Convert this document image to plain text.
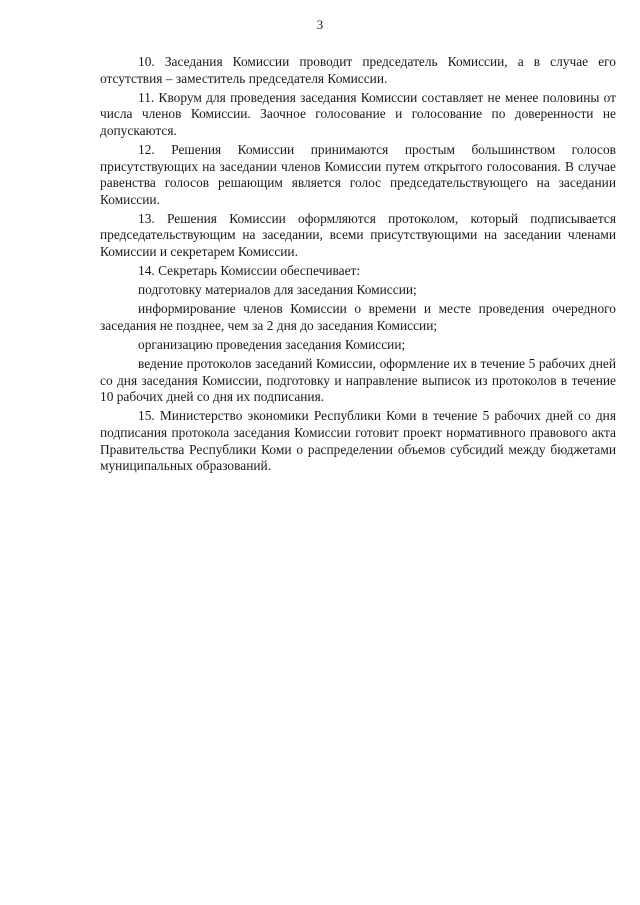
3

10. Заседания Комиссии проводит председатель Комиссии, а в случае его отсутствия – заместитель председателя Комиссии.

11. Кворум для проведения заседания Комиссии составляет не менее половины от числа членов Комиссии. Заочное голосование и голосование по доверенности не допускаются.

12. Решения Комиссии принимаются простым большинством голосов присутствующих на заседании членов Комиссии путем открытого голосования. В случае равенства голосов решающим является голос председательствующего на заседании Комиссии.

13. Решения Комиссии оформляются протоколом, который подписывается председательствующим на заседании, всеми присутствующими на заседании членами Комиссии и секретарем Комиссии.

14. Секретарь Комиссии обеспечивает:

подготовку материалов для заседания Комиссии;

информирование членов Комиссии о времени и месте проведения очередного заседания не позднее, чем за 2 дня до заседания Комиссии;

организацию проведения заседания Комиссии;

ведение протоколов заседаний Комиссии, оформление их в течение 5 рабочих дней со дня заседания Комиссии, подготовку и направление выписок из протоколов в течение 10 рабочих дней со дня их подписания.

15. Министерство экономики Республики Коми в течение 5 рабочих дней со дня подписания протокола заседания Комиссии готовит проект нормативного правового акта Правительства Республики Коми о распределении объемов субсидий между бюджетами муниципальных образований.
